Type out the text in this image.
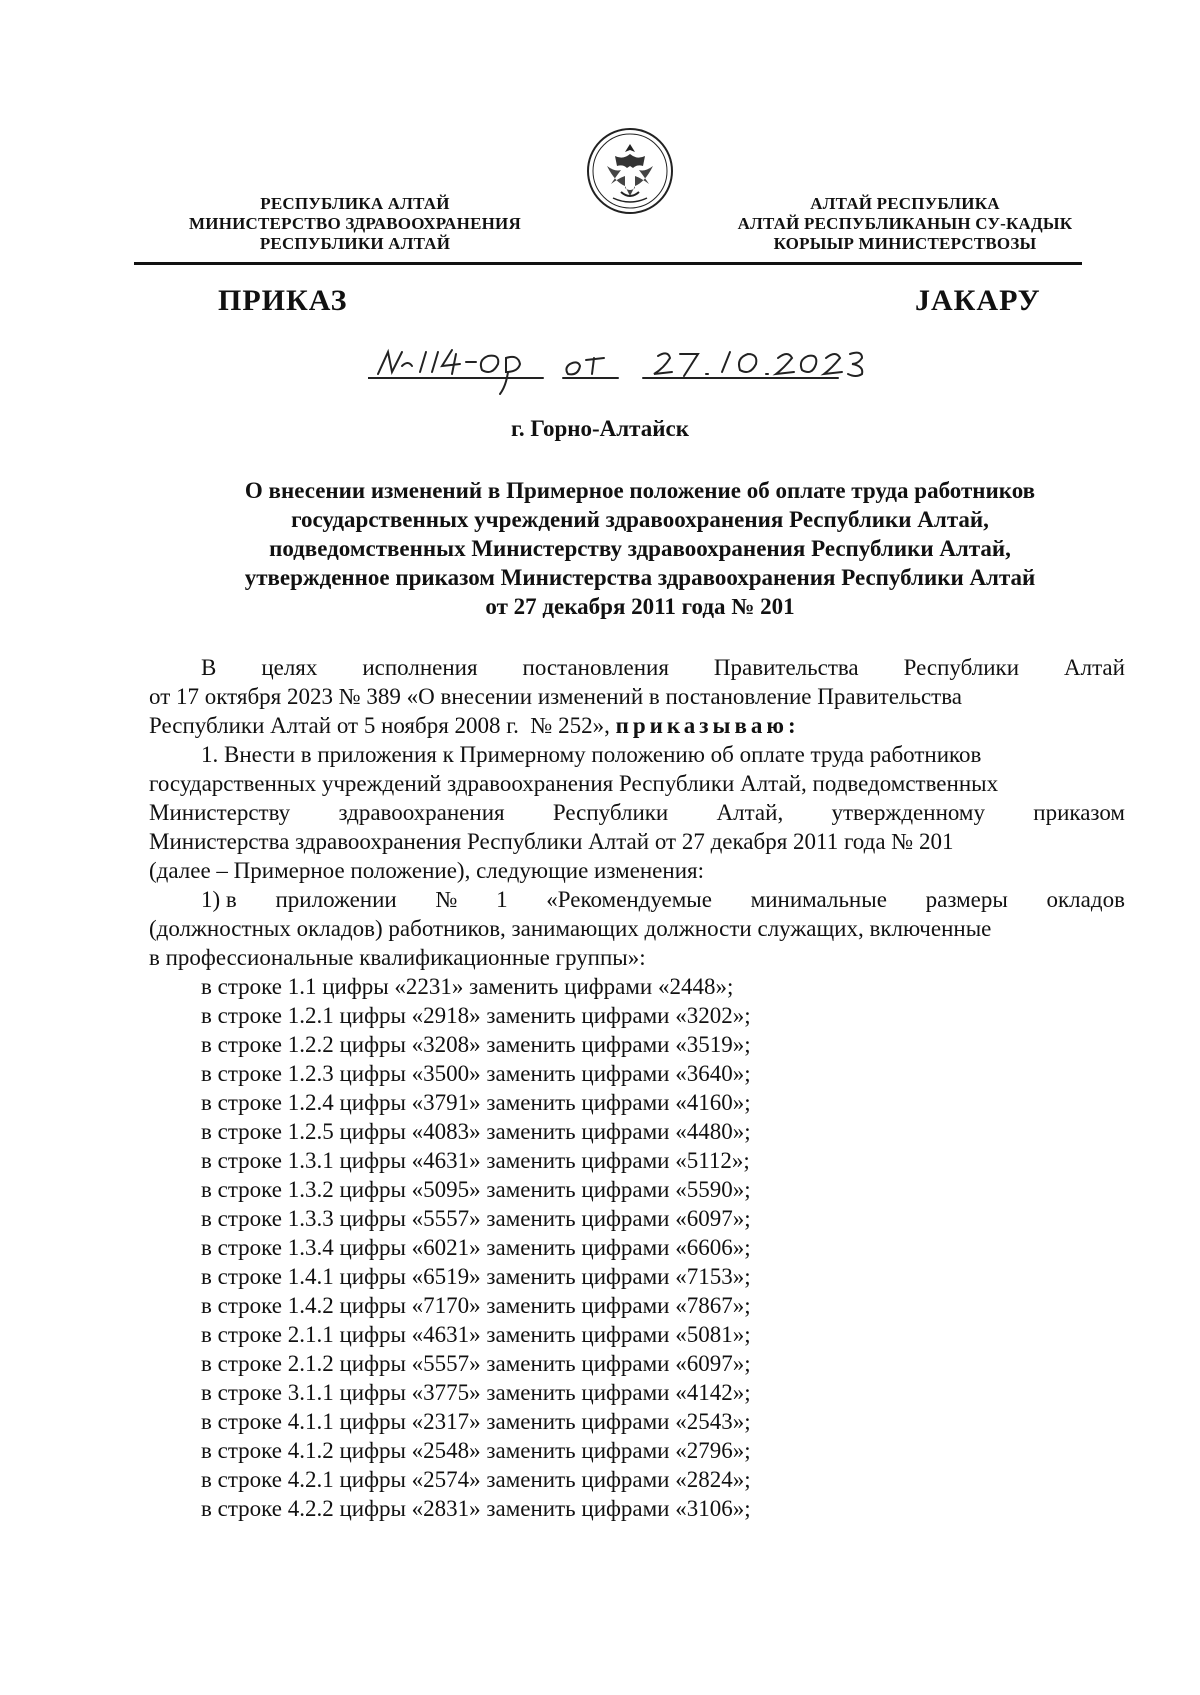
РЕСПУБЛИКА АЛТАЙ
МИНИСТЕРСТВО ЗДРАВООХРАНЕНИЯ
РЕСПУБЛИКИ АЛТАЙ
АЛТАЙ РЕСПУБЛИКА
АЛТАЙ РЕСПУБЛИКАНЫН СУ-КАДЫК
КОРЫЫР МИНИСТЕРСТВОЗЫ
ПРИКАЗ	ЈАКАРУ
г. Горно-Алтайск
О внесении изменений в Примерное положение об оплате труда работников
государственных учреждений здравоохранения Республики Алтай,
подведомственных Министерству здравоохранения Республики Алтай,
утвержденное приказом Министерства здравоохранения Республики Алтай
от 27 декабря 2011 года № 201
В целях исполнения постановления Правительства Республики Алтай
от 17 октября 2023 № 389 «О внесении изменений в постановление Правительства
Республики Алтай от 5 ноября 2008 г.  № 252», приказываю:
1. Внести в приложения к Примерному положению об оплате труда работников
государственных учреждений здравоохранения Республики Алтай, подведомственных
Министерству здравоохранения Республики Алтай, утвержденному приказом
Министерства здравоохранения Республики Алтай от 27 декабря 2011 года № 201
(далее – Примерное положение), следующие изменения:
1) в приложении № 1 «Рекомендуемые минимальные размеры окладов
(должностных окладов) работников, занимающих должности служащих, включенные
в профессиональные квалификационные группы»:
в строке 1.1 цифры «2231» заменить цифрами «2448»;
в строке 1.2.1 цифры «2918» заменить цифрами «3202»;
в строке 1.2.2 цифры «3208» заменить цифрами «3519»;
в строке 1.2.3 цифры «3500» заменить цифрами «3640»;
в строке 1.2.4 цифры «3791» заменить цифрами «4160»;
в строке 1.2.5 цифры «4083» заменить цифрами «4480»;
в строке 1.3.1 цифры «4631» заменить цифрами «5112»;
в строке 1.3.2 цифры «5095» заменить цифрами «5590»;
в строке 1.3.3 цифры «5557» заменить цифрами «6097»;
в строке 1.3.4 цифры «6021» заменить цифрами «6606»;
в строке 1.4.1 цифры «6519» заменить цифрами «7153»;
в строке 1.4.2 цифры «7170» заменить цифрами «7867»;
в строке 2.1.1 цифры «4631» заменить цифрами «5081»;
в строке 2.1.2 цифры «5557» заменить цифрами «6097»;
в строке 3.1.1 цифры «3775» заменить цифрами «4142»;
в строке 4.1.1 цифры «2317» заменить цифрами «2543»;
в строке 4.1.2 цифры «2548» заменить цифрами «2796»;
в строке 4.2.1 цифры «2574» заменить цифрами «2824»;
в строке 4.2.2 цифры «2831» заменить цифрами «3106»;
